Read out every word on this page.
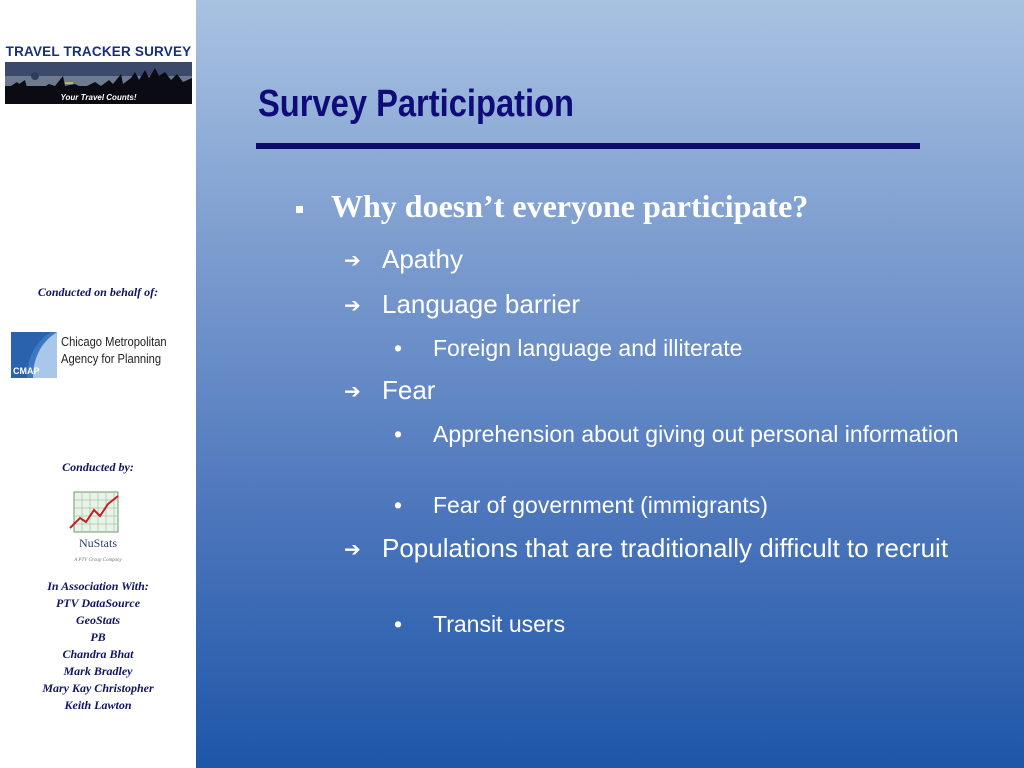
TRAVEL TRACKER SURVEY
Your Travel Counts!
Conducted on behalf of:
CMAP
Chicago Metropolitan
Agency for Planning
Conducted by:
NuStats
A PTV Group Company
In Association With:
PTV DataSource
GeoStats
PB
Chandra Bhat
Mark Bradley
Mary Kay Christopher
Keith Lawton
Survey Participation
Why doesn’t everyone participate?
➔ Apathy
➔ Language barrier
• Foreign language and illiterate
➔ Fear
• Apprehension about giving out personal information
• Fear of government (immigrants)
➔ Populations that are traditionally difficult to recruit
• Transit users
